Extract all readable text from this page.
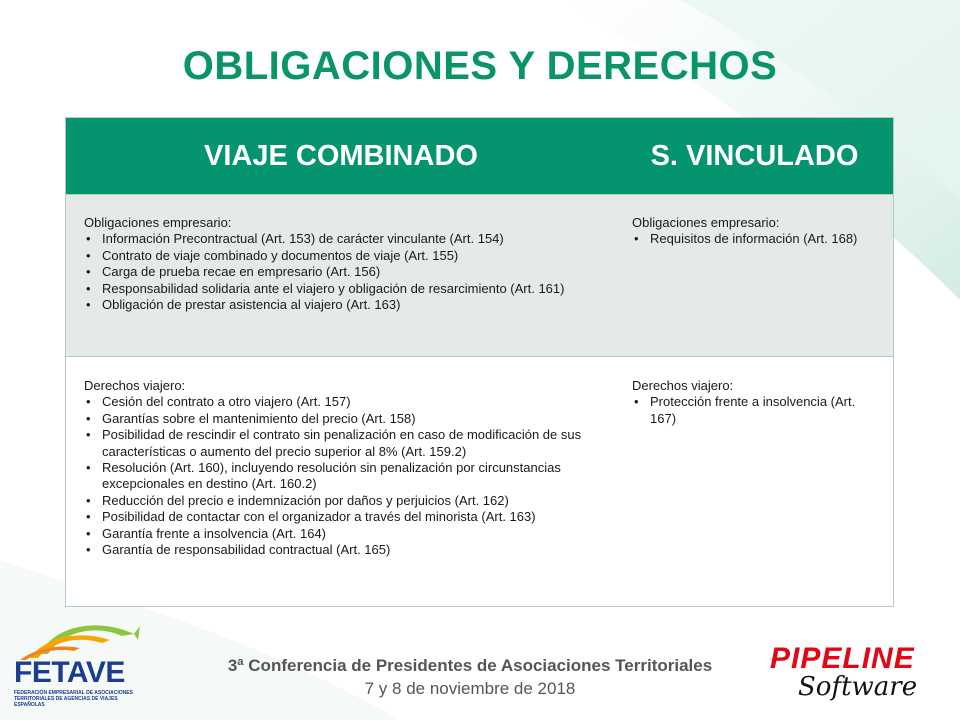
OBLIGACIONES Y DERECHOS
VIAJE COMBINADO	S. VINCULADO
Obligaciones empresario:
• Información Precontractual (Art. 153) de carácter vinculante (Art. 154)
• Contrato de viaje combinado y documentos de viaje (Art. 155)
• Carga de prueba recae en empresario (Art. 156)
• Responsabilidad solidaria ante el viajero y obligación de resarcimiento (Art. 161)
• Obligación de prestar asistencia al viajero (Art. 163)
Obligaciones empresario:
• Requisitos de información (Art. 168)
Derechos viajero:
• Cesión del contrato a otro viajero (Art. 157)
• Garantías sobre el mantenimiento del precio (Art. 158)
• Posibilidad de rescindir el contrato sin penalización en caso de modificación de sus características o aumento del precio superior al 8% (Art. 159.2)
• Resolución (Art. 160), incluyendo resolución sin penalización por circunstancias excepcionales en destino (Art. 160.2)
• Reducción del precio e indemnización por daños y perjuicios (Art. 162)
• Posibilidad de contactar con el organizador a través del minorista (Art. 163)
• Garantía frente a insolvencia (Art. 164)
• Garantía de responsabilidad contractual (Art. 165)
Derechos viajero:
• Protección frente a insolvencia (Art. 167)
FETAVE
FEDERACIÓN EMPRESARIAL DE ASOCIACIONES TERRITORIALES DE AGENCIAS DE VIAJES ESPAÑOLAS
3ª Conferencia de Presidentes de Asociaciones Territoriales
7 y 8 de noviembre de 2018
PIPELINE
Software
